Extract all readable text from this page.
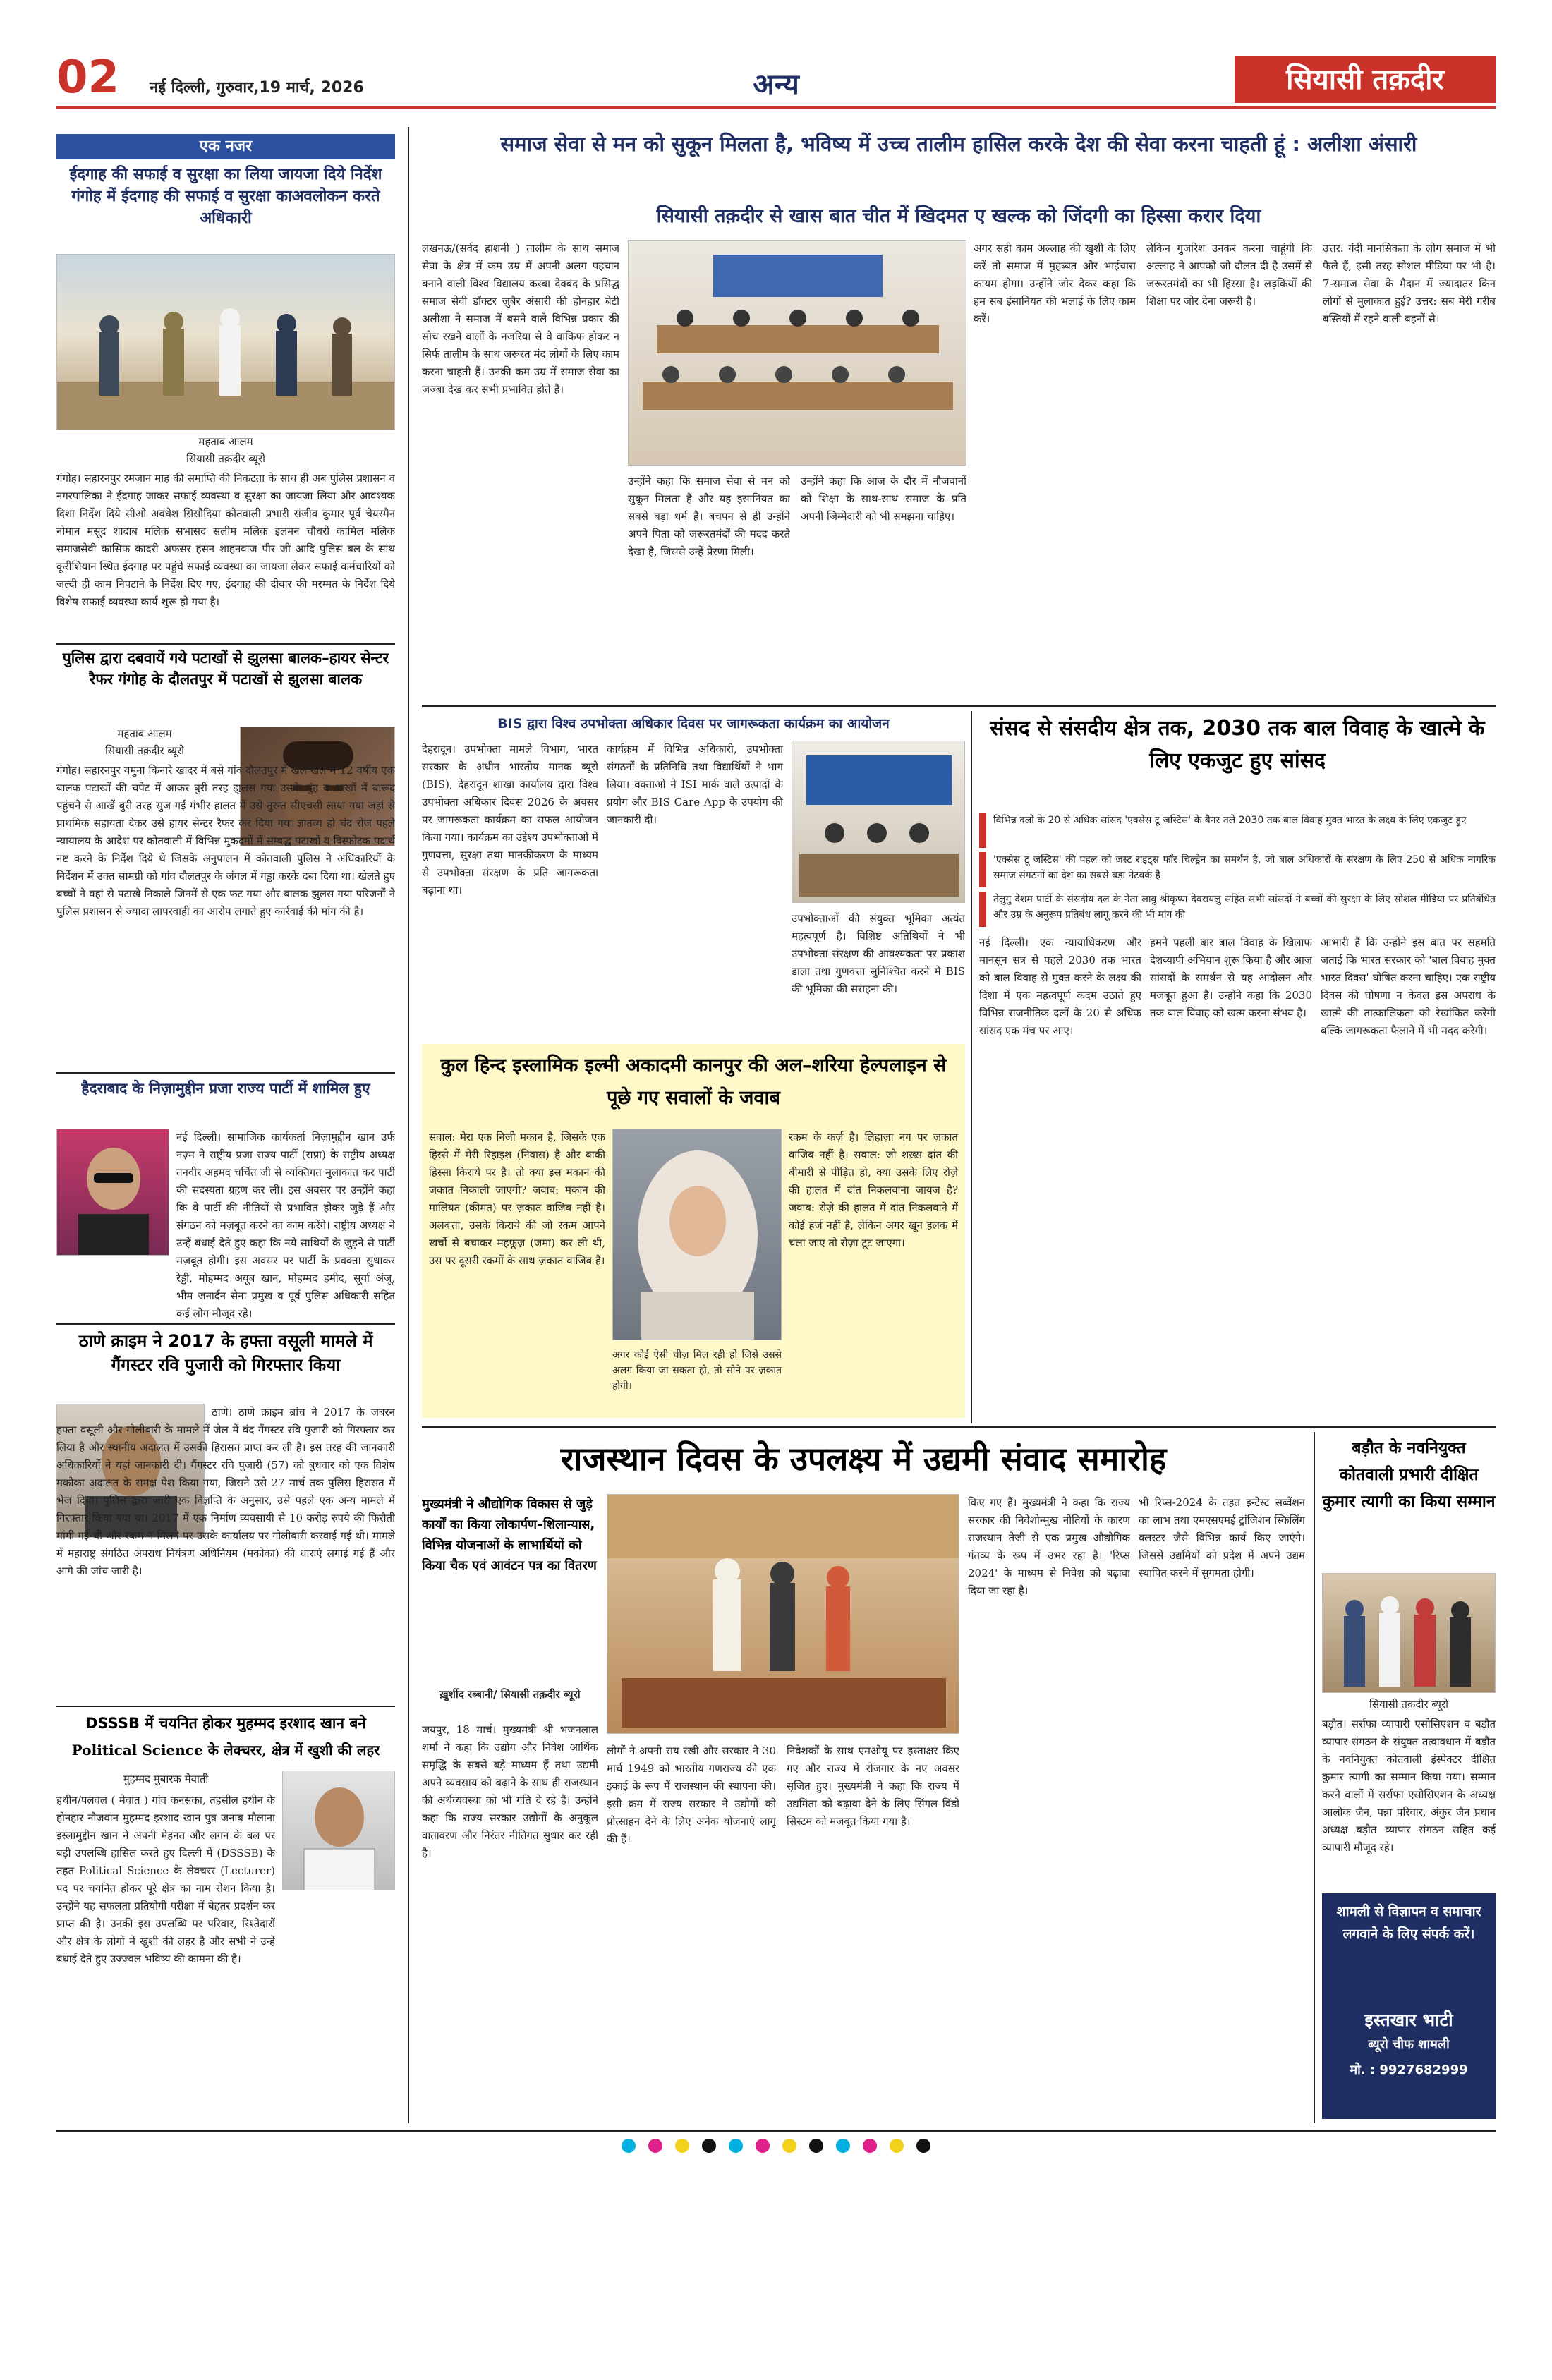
02 नई दिल्ली, गुरुवार,19 मार्च, 2026	अन्य	सियासी तक़दीर
एक नजर
ईदगाह की सफाई व सुरक्षा का लिया जायजा दिये निर्देश गंगोह में ईदगाह की सफाई व सुरक्षा काअवलोकन करते अधिकारी
महताब आलम
सियासी तक़दीर ब्यूरो
गंगोह। सहारनपुर रमजान माह की समाप्ति की निकटता के साथ ही अब पुलिस प्रशासन व नगरपालिका ने ईदगाह जाकर सफाई व्यवस्था व सुरक्षा का जायजा लिया और आवश्यक दिशा निर्देश दिये सीओ अवधेश सिसौदिया कोतवाली प्रभारी संजीव कुमार पूर्व चेयरमैन नोमान मसूद शादाब मलिक सभासद सलीम मलिक इलमन चौधरी कामिल मलिक समाजसेवी कासिफ कादरी अफसर हसन शाहनवाज पीर जी आदि पुलिस बल के साथ कूरीशियान स्थित ईदगाह पर पहुंचे सफाई व्यवस्था का जायजा लेकर सफाई कर्मचारियों को जल्दी ही काम निपटाने के निर्देश दिए गए, ईदगाह की दीवार की मरम्मत के निर्देश दिये विशेष सफाई व्यवस्था कार्य शुरू हो गया है।
पुलिस द्वारा दबवायें गये पटाखों से झुलसा बालक–हायर सेन्टर रैफर गंगोह के दौलतपुर में पटाखों से झुलसा बालक
महताब आलम
सियासी तक़दीर ब्यूरो
गंगोह। सहारनपुर यमुना किनारे खादर में बसे गांव दौलतपुर में खेल खेल में 12 वर्षीय एक बालक पटाखों की चपेट में आकर बुरी तरह झुलस गया उसके मुंह व आखों में बारूद पहुंचने से आखें बुरी तरह सुज गईं गंभीर हालत में उसे तुरन्त सीएचसी लाया गया जहां से प्राथमिक सहायता देकर उसे हायर सेन्टर रैफर कर दिया गया ज्ञातव्य हो चंद रोज पहले न्यायालय के आदेश पर कोतवाली में विभिन्न मुकदमों में सम्बद्ध पटाखों व विस्फोटक पदार्थ नष्ट करने के निर्देश दिये थे जिसके अनुपालन में कोतवाली पुलिस ने अधिकारियों के निर्देशन में उक्त सामग्री को गांव दौलतपुर के जंगल में गड्ढा करके दबा दिया था। खेलते हुए बच्चों ने वहां से पटाखे निकाले जिनमें से एक फट गया और बालक झुलस गया परिजनों ने पुलिस प्रशासन से ज्यादा लापरवाही का आरोप लगाते हुए कार्रवाई की मांग की है।
हैदराबाद के निज़ामुद्दीन प्रजा राज्य पार्टी में शामिल हुए
नई दिल्ली। सामाजिक कार्यकर्ता निज़ामुद्दीन खान उर्फ नज़्म ने राष्ट्रीय प्रजा राज्य पार्टी (राप्रा) के राष्ट्रीय अध्यक्ष तनवीर अहमद चर्चित जी से व्यक्तिगत मुलाकात कर पार्टी की सदस्यता ग्रहण कर ली। इस अवसर पर उन्होंने कहा कि वे पार्टी की नीतियों से प्रभावित होकर जुड़े हैं और संगठन को मज़बूत करने का काम करेंगे। राष्ट्रीय अध्यक्ष ने उन्हें बधाई देते हुए कहा कि नये साथियों के जुड़ने से पार्टी मज़बूत होगी। इस अवसर पर पार्टी के प्रवक्ता सुधाकर रेड्डी, मोहम्मद अयूब खान, मोहम्मद हमीद, सूर्या अंजू, भीम जनार्दन सेना प्रमुख व पूर्व पुलिस अधिकारी सहित कई लोग मौजूद रहे।
ठाणे क्राइम ने 2017 के हफ्ता वसूली मामले में गैंगस्टर रवि पुजारी को गिरफ्तार किया
ठाणे। ठाणे क्राइम ब्रांच ने 2017 के जबरन हफ्ता वसूली और गोलीबारी के मामले में जेल में बंद गैंगस्टर रवि पुजारी को गिरफ्तार कर लिया है और स्थानीय अदालत में उसकी हिरासत प्राप्त कर ली है। इस तरह की जानकारी अधिकारियों ने यहां जानकारी दी। गैंगस्टर रवि पुजारी (57) को बुधवार को एक विशेष मकोका अदालत के समक्ष पेश किया गया, जिसने उसे 27 मार्च तक पुलिस हिरासत में भेज दिया। पुलिस द्वारा जारी एक विज्ञप्ति के अनुसार, उसे पहले एक अन्य मामले में गिरफ्तार किया गया था। 2017 में एक निर्माण व्यवसायी से 10 करोड़ रुपये की फिरौती मांगी गई थी और रकम न मिलने पर उसके कार्यालय पर गोलीबारी करवाई गई थी। मामले में महाराष्ट्र संगठित अपराध नियंत्रण अधिनियम (मकोका) की धाराएं लगाई गई हैं और आगे की जांच जारी है।
DSSSB में चयनित होकर मुहम्मद इरशाद खान बने
Political Science के लेक्चरर, क्षेत्र में खुशी की लहर
मुहम्मद मुबारक मेवाती
हथीन/पलवल ( मेवात ) गांव कनसका, तहसील हथीन के होनहार नौजवान मुहम्मद इरशाद खान पुत्र जनाब मौलाना इस्लामुद्दीन खान ने अपनी मेहनत और लगन के बल पर बड़ी उपलब्धि हासिल करते हुए दिल्ली में (DSSSB) के तहत Political Science के लेक्चरर (Lecturer) पद पर चयनित होकर पूरे क्षेत्र का नाम रोशन किया है। उन्होंने यह सफलता प्रतियोगी परीक्षा में बेहतर प्रदर्शन कर प्राप्त की है। उनकी इस उपलब्धि पर परिवार, रिश्तेदारों और क्षेत्र के लोगों में खुशी की लहर है और सभी ने उन्हें बधाई देते हुए उज्ज्वल भविष्य की कामना की है।
समाज सेवा से मन को सुकून मिलता है, भविष्य में उच्च तालीम हासिल करके देश की सेवा करना चाहती हूं : अलीशा अंसारी
सियासी तक़दीर से खास बात चीत में खिदमत ए खल्क को जिंदगी का हिस्सा करार दिया
लखनऊ/(सर्वद हाशमी ) तालीम के साथ समाज सेवा के क्षेत्र में कम उम्र में अपनी अलग पहचान बनाने वाली विश्व विद्यालय कस्बा देवबंद के प्रसिद्ध समाज सेवी डॉक्टर ज़ुबैर अंसारी की होनहार बेटी अलीशा ने समाज में बसने वाले विभिन्न प्रकार की सोच रखने वालों के नजरिया से वे वाकिफ होकर न सिर्फ तालीम के साथ जरूरत मंद लोगों के लिए काम करना चाहती हैं। उनकी कम उम्र में समाज सेवा का जज्बा देख कर सभी प्रभावित होते हैं।
उन्होंने कहा कि समाज सेवा से मन को सुकून मिलता है और यह इंसानियत का सबसे बड़ा धर्म है। बचपन से ही उन्होंने अपने पिता को जरूरतमंदों की मदद करते देखा है, जिससे उन्हें प्रेरणा मिली।
उन्होंने कहा कि आज के दौर में नौजवानों को शिक्षा के साथ-साथ समाज के प्रति अपनी जिम्मेदारी को भी समझना चाहिए।
अगर सही काम अल्लाह की खुशी के लिए करें तो समाज में मुहब्बत और भाईचारा कायम होगा। उन्होंने जोर देकर कहा कि हम सब इंसानियत की भलाई के लिए काम करें।
लेकिन गुजरिश उनकर करना चाहूंगी कि अल्लाह ने आपको जो दौलत दी है उसमें से जरूरतमंदों का भी हिस्सा है। लड़कियों की शिक्षा पर जोर देना जरूरी है।
उत्तर: गंदी मानसिकता के लोग समाज में भी फैले हैं, इसी तरह सोशल मीडिया पर भी है। 7-समाज सेवा के मैदान में ज्यादातर किन लोगों से मुलाकात हुई? उत्तर: सब मेरी गरीब बस्तियों में रहने वाली बहनों से।
BIS द्वारा विश्व उपभोक्ता अधिकार दिवस पर जागरूकता कार्यक्रम का आयोजन
देहरादून। उपभोक्ता मामले विभाग, भारत सरकार के अधीन भारतीय मानक ब्यूरो (BIS), देहरादून शाखा कार्यालय द्वारा विश्व उपभोक्ता अधिकार दिवस 2026 के अवसर पर जागरूकता कार्यक्रम का सफल आयोजन किया गया। कार्यक्रम का उद्देश्य उपभोक्ताओं में गुणवत्ता, सुरक्षा तथा मानकीकरण के माध्यम से उपभोक्ता संरक्षण के प्रति जागरूकता बढ़ाना था।
कार्यक्रम में विभिन्न अधिकारी, उपभोक्ता संगठनों के प्रतिनिधि तथा विद्यार्थियों ने भाग लिया। वक्ताओं ने ISI मार्क वाले उत्पादों के प्रयोग और BIS Care App के उपयोग की जानकारी दी।
उपभोक्ताओं की संयुक्त भूमिका अत्यंत महत्वपूर्ण है। विशिष्ट अतिथियों ने भी उपभोक्ता संरक्षण की आवश्यकता पर प्रकाश डाला तथा गुणवत्ता सुनिश्चित करने में BIS की भूमिका की सराहना की।
संसद से संसदीय क्षेत्र तक, 2030 तक बाल विवाह के खात्मे के लिए एकजुट हुए सांसद
विभिन्न दलों के 20 से अधिक सांसद 'एक्सेस टू जस्टिस' के बैनर तले 2030 तक बाल विवाह मुक्त भारत के लक्ष्य के लिए एकजुट हुए
'एक्सेस टू जस्टिस' की पहल को जस्ट राइट्स फॉर चिल्ड्रेन का समर्थन है, जो बाल अधिकारों के संरक्षण के लिए 250 से अधिक नागरिक समाज संगठनों का देश का सबसे बड़ा नेटवर्क है
तेलुगु देशम पार्टी के संसदीय दल के नेता लावु श्रीकृष्ण देवरायलु सहित सभी सांसदों ने बच्चों की सुरक्षा के लिए सोशल मीडिया पर प्रतिबंधित और उम्र के अनुरूप प्रतिबंध लागू करने की भी मांग की
नई दिल्ली। एक न्यायाधिकरण और मानसून सत्र से पहले 2030 तक भारत को बाल विवाह से मुक्त करने के लक्ष्य की दिशा में एक महत्वपूर्ण कदम उठाते हुए विभिन्न राजनीतिक दलों के 20 से अधिक सांसद एक मंच पर आए।
हमने पहली बार बाल विवाह के खिलाफ देशव्यापी अभियान शुरू किया है और आज सांसदों के समर्थन से यह आंदोलन और मजबूत हुआ है। उन्होंने कहा कि 2030 तक बाल विवाह को खत्म करना संभव है।
आभारी हैं कि उन्होंने इस बात पर सहमति जताई कि भारत सरकार को 'बाल विवाह मुक्त भारत दिवस' घोषित करना चाहिए। एक राष्ट्रीय दिवस की घोषणा न केवल इस अपराध के खात्मे की तात्कालिकता को रेखांकित करेगी बल्कि जागरूकता फैलाने में भी मदद करेगी।
कुल हिन्द इस्लामिक इल्मी अकादमी कानपुर की अल–शरिया हेल्पलाइन से पूछे गए सवालों के जवाब
सवाल: मेरा एक निजी मकान है, जिसके एक हिस्से में मेरी रिहाइश (निवास) है और बाकी हिस्सा किराये पर है। तो क्या इस मकान की ज़कात निकाली जाएगी? जवाब: मकान की मालियत (कीमत) पर ज़कात वाजिब नहीं है। अलबत्ता, उसके किराये की जो रकम आपने खर्चों से बचाकर महफूज़ (जमा) कर ली थी, उस पर दूसरी रकमों के साथ ज़कात वाजिब है।
अगर कोई ऐसी चीज़ मिल रही हो जिसे उससे अलग किया जा सकता हो, तो सोने पर ज़कात होगी।
रकम के कर्ज़ है। लिहाज़ा नग पर ज़कात वाजिब नहीं है। सवाल: जो शख़्स दांत की बीमारी से पीड़ित हो, क्या उसके लिए रोज़े की हालत में दांत निकलवाना जायज़ है? जवाब: रोज़े की हालत में दांत निकलवाने में कोई हर्ज नहीं है, लेकिन अगर खून हलक में चला जाए तो रोज़ा टूट जाएगा।
राजस्थान दिवस के उपलक्ष्य में उद्यमी संवाद समारोह
मुख्यमंत्री ने औद्योगिक विकास से जुड़े कार्यों का किया लोकार्पण–शिलान्यास, विभिन्न योजनाओं के लाभार्थियों को किया चैक एवं आवंटन पत्र का वितरण
ख़ुर्शीद रब्बानी/ सियासी तक़दीर ब्यूरो
जयपुर, 18 मार्च। मुख्यमंत्री श्री भजनलाल शर्मा ने कहा कि उद्योग और निवेश आर्थिक समृद्धि के सबसे बड़े माध्यम हैं तथा उद्यमी अपने व्यवसाय को बढ़ाने के साथ ही राजस्थान की अर्थव्यवस्था को भी गति दे रहे हैं। उन्होंने कहा कि राज्य सरकार उद्योगों के अनुकूल वातावरण और निरंतर नीतिगत सुधार कर रही है।
लोगों ने अपनी राय रखी और सरकार ने 30 मार्च 1949 को भारतीय गणराज्य की एक इकाई के रूप में राजस्थान की स्थापना की। इसी क्रम में राज्य सरकार ने उद्योगों को प्रोत्साहन देने के लिए अनेक योजनाएं लागू की हैं।
निवेशकों के साथ एमओयू पर हस्ताक्षर किए गए और राज्य में रोजगार के नए अवसर सृजित हुए। मुख्यमंत्री ने कहा कि राज्य में उद्यमिता को बढ़ावा देने के लिए सिंगल विंडो सिस्टम को मजबूत किया गया है।
किए गए हैं। मुख्यमंत्री ने कहा कि राज्य सरकार की निवेशोन्मुख नीतियों के कारण राजस्थान तेजी से एक प्रमुख औद्योगिक गंतव्य के रूप में उभर रहा है। 'रिप्स 2024' के माध्यम से निवेश को बढ़ावा दिया जा रहा है।
भी रिप्स-2024 के तहत इन्टेस्ट सब्वेंशन का लाभ तथा एमएसएमई ट्रांजिशन स्किलिंग क्लस्टर जैसे विभिन्न कार्य किए जाएंगे। जिससे उद्यमियों को प्रदेश में अपने उद्यम स्थापित करने में सुगमता होगी।
बड़ौत के नवनियुक्त कोतवाली प्रभारी दीक्षित कुमार त्यागी का किया सम्मान
सियासी तक़दीर ब्यूरो
बड़ौत। सर्राफा व्यापारी एसोसिएशन व बड़ौत व्यापार संगठन के संयुक्त तत्वावधान में बड़ौत के नवनियुक्त कोतवाली इंस्पेक्टर दीक्षित कुमार त्यागी का सम्मान किया गया। सम्मान करने वालों में सर्राफा एसोसिएशन के अध्यक्ष आलोक जैन, पन्ना परिवार, अंकुर जैन प्रधान अध्यक्ष बड़ौत व्यापार संगठन सहित कई व्यापारी मौजूद रहे।
शामली से विज्ञापन व समाचार लगवाने के लिए संपर्क करें।
इस्तखार भाटी
ब्यूरो चीफ शामली
मो. : 9927682999
